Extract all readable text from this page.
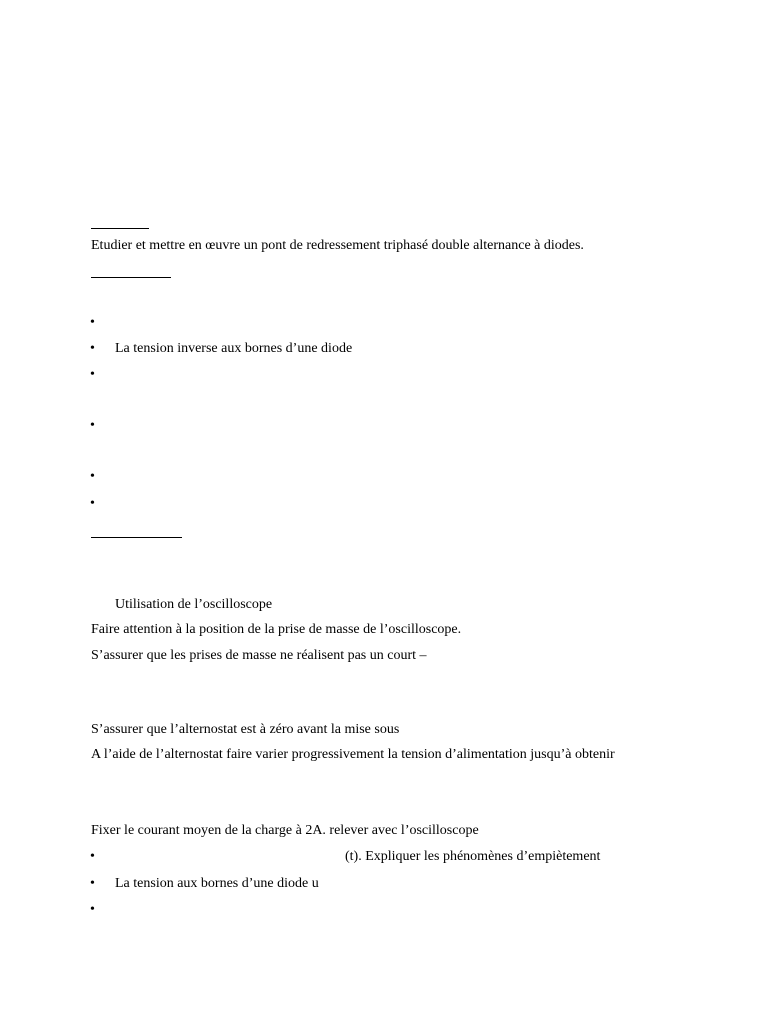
Etudier et mettre en œuvre un pont de redressement triphasé double alternance à diodes.
•
• La tension inverse aux bornes d’une diode
•
•
•
•
Utilisation de l’oscilloscope
Faire attention à la position de la prise de masse de l’oscilloscope.
S’assurer que les prises de masse ne réalisent pas un court –
S’assurer que l’alternostat est à zéro avant la mise sous
A l’aide de l’alternostat faire varier progressivement la tension d’alimentation jusqu’à obtenir
Fixer le courant moyen de la charge à 2A. relever avec l’oscilloscope
•	(t). Expliquer les phénomènes d’empiètement
• La tension aux bornes d’une diode u
•
